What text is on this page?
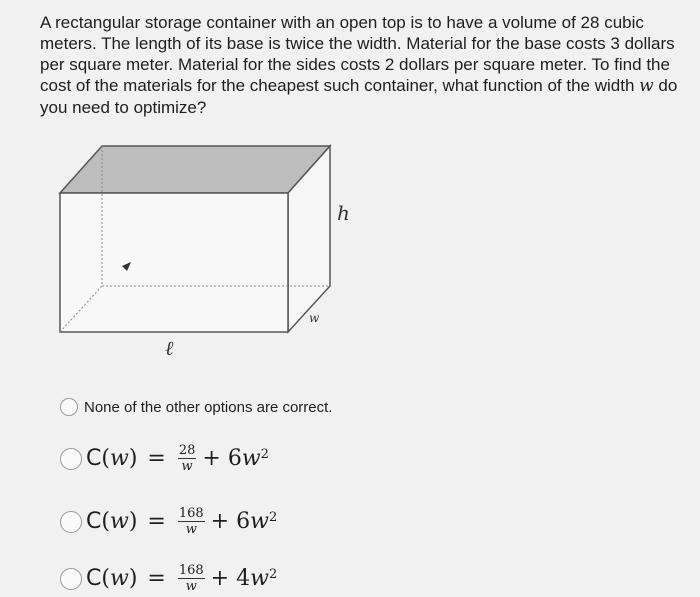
A rectangular storage container with an open top is to have a volume of 28 cubic meters. The length of its base is twice the width. Material for the base costs 3 dollars per square meter. Material for the sides costs 2 dollars per square meter. To find the cost of the materials for the cheapest such container, what function of the width w do you need to optimize?
h
w
ℓ
None of the other options are correct.
C ( w ) = $\frac{28}{w} + 6$ $w^2$
C ( w ) = $\frac{168}{w} + 6$ $w^2$
C ( w ) = $\frac{168}{w} + 4$ $w^2$
